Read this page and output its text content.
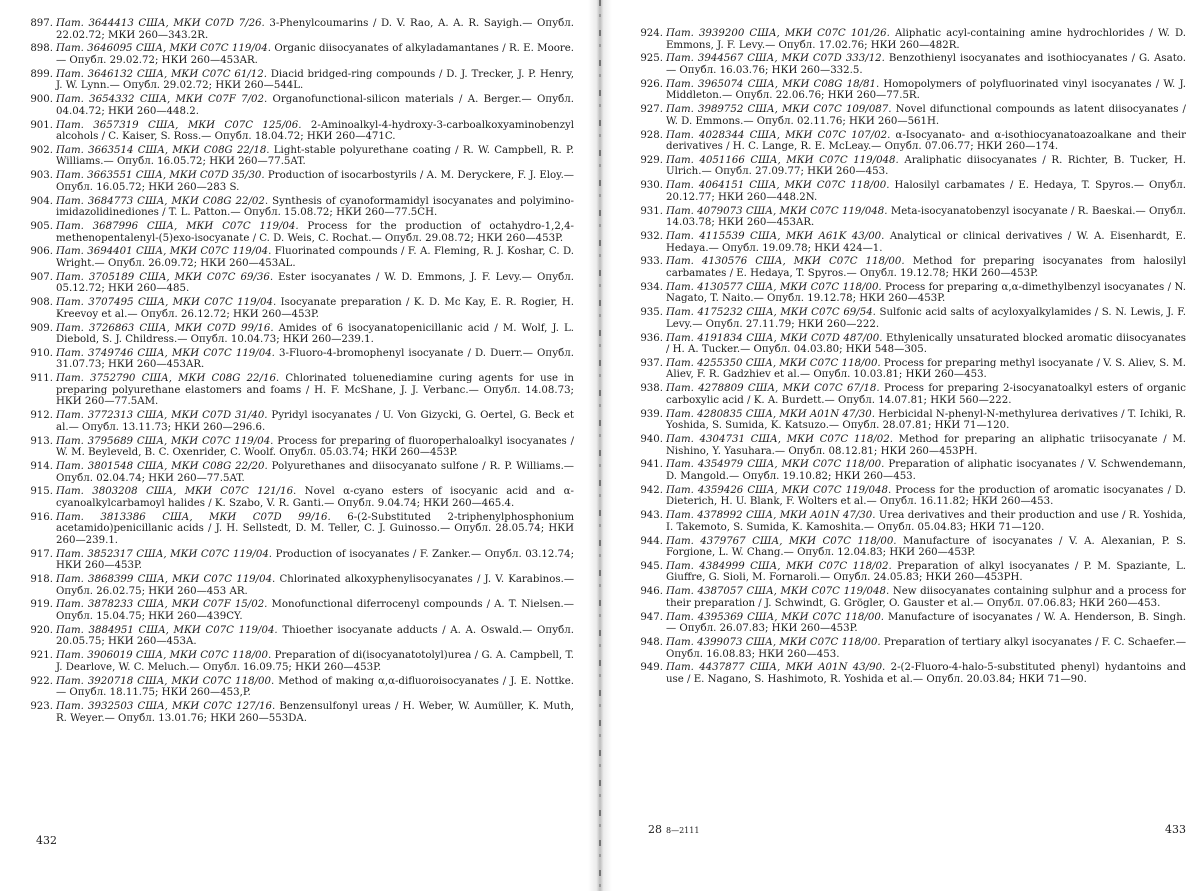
897. Пат. 3644413 США, МКИ C07D 7/26. 3-Phenylcoumarins / D. V. Rao, A. A. R. Sayigh.— Опубл. 22.02.72; МКИ 260—343.2R.
898. Пат. 3646095 США, МКИ C07C 119/04. Organic diisocyanates of alkyladamantanes / R. E. Moore.— Опубл. 29.02.72; НКИ 260—453AR.
899. Пат. 3646132 США, МКИ C07C 61/12. Diacid bridged-ring compounds / D. J. Trecker, J. P. Henry, J. W. Lynn.— Опубл. 29.02.72; НКИ 260—544L.
900. Пат. 3654332 США, МКИ C07F 7/02. Organofunctional-silicon materials / A. Berger.— Опубл. 04.04.72; НКИ 260—448.2.
901. Пат. 3657319 США, МКИ C07C 125/06. 2-Aminoalkyl-4-hydroxy-3-carboalkoxyaminobenzyl alcohols / C. Kaiser, S. Ross.— Опубл. 18.04.72; НКИ 260—471C.
902. Пат. 3663514 США, МКИ C08G 22/18. Light-stable polyurethane coating / R. W. Campbell, R. P. Williams.— Опубл. 16.05.72; НКИ 260—77.5AT.
903. Пат. 3663551 США, МКИ C07D 35/30. Production of isocarbostyrils / A. M. Deryckere, F. J. Eloy.— Опубл. 16.05.72; НКИ 260—283 S.
904. Пат. 3684773 США, МКИ C08G 22/02. Synthesis of cyanoformamidyl isocyanates and polyimino-imidazolidinediones / T. L. Patton.— Опубл. 15.08.72; НКИ 260—77.5CH.
905. Пат. 3687996 США, МКИ C07C 119/04. Process for the production of octahydro-1,2,4-methenopentalenyl-(5)exo-isocyanate / C. D. Weis, C. Rochat.— Опубл. 29.08.72; НКИ 260—453P.
906. Пат. 3694401 США, МКИ C07C 119/04. Fluorinated compounds / F. A. Fleming, R. J. Koshar, C. D. Wright.— Опубл. 26.09.72; НКИ 260—453AL.
907. Пат. 3705189 США, МКИ C07C 69/36. Ester isocyanates / W. D. Emmons, J. F. Levy.— Опубл. 05.12.72; НКИ 260—485.
908. Пат. 3707495 США, МКИ C07C 119/04. Isocyanate preparation / K. D. Mc Kay, E. R. Rogier, H. Kreevoy et al.— Опубл. 26.12.72; НКИ 260—453P.
909. Пат. 3726863 США, МКИ C07D 99/16. Amides of 6 isocyanatopenicillanic acid / M. Wolf, J. L. Diebold, S. J. Childress.— Опубл. 10.04.73; НКИ 260—239.1.
910. Пат. 3749746 США, МКИ C07C 119/04. 3-Fluoro-4-bromophenyl isocyanate / D. Duerr.— Опубл. 31.07.73; НКИ 260—453AR.
911. Пат. 3752790 США, МКИ C08G 22/16. Chlorinated toluenediamine curing agents for use in preparing polyurethane elastomers and foams / H. F. McShane, J. J. Verbanc.— Опубл. 14.08.73; НКИ 260—77.5AM.
912. Пат. 3772313 США, МКИ C07D 31/40. Pyridyl isocyanates / U. Von Gizycki, G. Oertel, G. Beck et al.— Опубл. 13.11.73; НКИ 260—296.6.
913. Пат. 3795689 США, МКИ C07C 119/04. Process for preparing of fluoroperhaloalkyl isocyanates / W. M. Beyleveld, B. C. Oxenrider, C. Woolf. Опубл. 05.03.74; НКИ 260—453P.
914. Пат. 3801548 США, МКИ C08G 22/20. Polyurethanes and diisocyanato sulfone / R. P. Williams.— Опубл. 02.04.74; НКИ 260—77.5AT.
915. Пат. 3803208 США, МКИ C07C 121/16. Novel α-cyano esters of isocyanic acid and α-cyanoalkylcarbamoyl halides / K. Szabo, V. R. Ganti.— Опубл. 9.04.74; НКИ 260—465.4.
916. Пат. 3813386 США, МКИ C07D 99/16. 6-(2-Substituted 2-triphenylphosphonium acetamido)penicillanic acids / J. H. Sellstedt, D. M. Teller, C. J. Guinosso.— Опубл. 28.05.74; НКИ 260—239.1.
917. Пат. 3852317 США, МКИ C07C 119/04. Production of isocyanates / F. Zanker.— Опубл. 03.12.74; НКИ 260—453P.
918. Пат. 3868399 США, МКИ C07C 119/04. Chlorinated alkoxyphenylisocyanates / J. V. Karabinos.— Опубл. 26.02.75; НКИ 260—453 AR.
919. Пат. 3878233 США, МКИ C07F 15/02. Monofunctional diferrocenyl compounds / A. T. Nielsen.— Опубл. 15.04.75; НКИ 260—439CY.
920. Пат. 3884951 США, МКИ C07C 119/04. Thioether isocyanate adducts / A. A. Oswald.— Опубл. 20.05.75; НКИ 260—453A.
921. Пат. 3906019 США, МКИ C07C 118/00. Preparation of di(isocyanatotolyl)urea / G. A. Campbell, T. J. Dearlove, W. C. Meluch.— Опубл. 16.09.75; НКИ 260—453P.
922. Пат. 3920718 США, МКИ C07C 118/00. Method of making α,α-difluoroisocyanates / J. E. Nottke.— Опубл. 18.11.75; НКИ 260—453,P.
923. Пат. 3932503 США, МКИ C07C 127/16. Benzensulfonyl ureas / H. Weber, W. Aumüller, K. Muth, R. Weyer.— Опубл. 13.01.76; НКИ 260—553DA.
432
924. Пат. 3939200 США, МКИ C07C 101/26. Aliphatic acyl-containing amine hydrochlorides / W. D. Emmons, J. F. Levy.— Опубл. 17.02.76; НКИ 260—482R.
925. Пат. 3944567 США, МКИ C07D 333/12. Benzothienyl isocyanates and isothiocyanates / G. Asato.— Опубл. 16.03.76; НКИ 260—332.5.
926. Пат. 3965074 США, МКИ C08G 18/81. Homopolymers of polyfluorinated vinyl isocyanates / W. J. Middleton.— Опубл. 22.06.76; НКИ 260—77.5R.
927. Пат. 3989752 США, МКИ C07C 109/087. Novel difunctional compounds as latent diisocyanates / W. D. Emmons.— Опубл. 02.11.76; НКИ 260—561H.
928. Пат. 4028344 США, МКИ C07C 107/02. α-Isocyanato- and α-isothiocyanatoazoalkane and their derivatives / H. C. Lange, R. E. McLeay.— Опубл. 07.06.77; НКИ 260—174.
929. Пат. 4051166 США, МКИ C07C 119/048. Araliphatic diisocyanates / R. Richter, B. Tucker, H. Ulrich.— Опубл. 27.09.77; НКИ 260—453.
930. Пат. 4064151 США, МКИ C07C 118/00. Halosilyl carbamates / E. Hedaya, T. Spyros.— Опубл. 20.12.77; НКИ 260—448.2N.
931. Пат. 4079073 США, МКИ C07C 119/048. Meta-isocyanatobenzyl isocyanate / R. Baeskai.— Опубл. 14.03.78; НКИ 260—453AR.
932. Пат. 4115539 США, МКИ A61K 43/00. Analytical or clinical derivatives / W. A. Eisenhardt, E. Hedaya.— Опубл. 19.09.78; НКИ 424—1.
933. Пат. 4130576 США, МКИ C07C 118/00. Method for preparing isocyanates from halosilyl carbamates / E. Hedaya, T. Spyros.— Опубл. 19.12.78; НКИ 260—453P.
934. Пат. 4130577 США, МКИ C07C 118/00. Process for preparing α,α-dimethylbenzyl isocyanates / N. Nagato, T. Naito.— Опубл. 19.12.78; НКИ 260—453P.
935. Пат. 4175232 США, МКИ C07C 69/54. Sulfonic acid salts of acyloxyalkylamides / S. N. Lewis, J. F. Levy.— Опубл. 27.11.79; НКИ 260—222.
936. Пат. 4191834 США, МКИ C07D 487/00. Ethylenically unsaturated blocked aromatic diisocyanates / H. A. Tucker.— Опубл. 04.03.80; НКИ 548—305.
937. Пат. 4255350 США, МКИ C07C 118/00. Process for preparing methyl isocyanate / V. S. Aliev, S. M. Aliev, F. R. Gadzhiev et al.— Опубл. 10.03.81; НКИ 260—453.
938. Пат. 4278809 США, МКИ C07C 67/18. Process for preparing 2-isocyanatoalkyl esters of organic carboxylic acid / K. A. Burdett.— Опубл. 14.07.81; НКИ 560—222.
939. Пат. 4280835 США, МКИ A01N 47/30. Herbicidal N-phenyl-N-methylurea derivatives / T. Ichiki, R. Yoshida, S. Sumida, K. Katsuzo.— Опубл. 28.07.81; НКИ 71—120.
940. Пат. 4304731 США, МКИ C07C 118/02. Method for preparing an aliphatic triisocyanate / M. Nishino, Y. Yasuhara.— Опубл. 08.12.81; НКИ 260—453PH.
941. Пат. 4354979 США, МКИ C07C 118/00. Preparation of aliphatic isocyanates / V. Schwendemann, D. Mangold.— Опубл. 19.10.82; НКИ 260—453.
942. Пат. 4359426 США, МКИ C07C 119/048. Process for the production of aromatic isocyanates / D. Dieterich, H. U. Blank, F. Wolters et al.— Опубл. 16.11.82; НКИ 260—453.
943. Пат. 4378992 США, МКИ A01N 47/30. Urea derivatives and their production and use / R. Yoshida, I. Takemoto, S. Sumida, K. Kamoshita.— Опубл. 05.04.83; НКИ 71—120.
944. Пат. 4379767 США, МКИ C07C 118/00. Manufacture of isocyanates / V. A. Alexanian, P. S. Forgione, L. W. Chang.— Опубл. 12.04.83; НКИ 260—453P.
945. Пат. 4384999 США, МКИ C07C 118/02. Preparation of alkyl isocyanates / P. M. Spaziante, L. Giuffre, G. Sioli, M. Fornaroli.— Опубл. 24.05.83; НКИ 260—453PH.
946. Пат. 4387057 США, МКИ C07C 119/048. New diisocyanates containing sulphur and a process for their preparation / J. Schwindt, G. Grögler, O. Gauster et al.— Опубл. 07.06.83; НКИ 260—453.
947. Пат. 4395369 США, МКИ C07C 118/00. Manufacture of isocyanates / W. A. Henderson, B. Singh.— Опубл. 26.07.83; НКИ 260—453P.
948. Пат. 4399073 США, МКИ C07C 118/00. Preparation of tertiary alkyl isocyanates / F. C. Schaefer.— Опубл. 16.08.83; НКИ 260—453.
949. Пат. 4437877 США, МКИ A01N 43/90. 2-(2-Fluoro-4-halo-5-substituted phenyl) hydantoins and use / E. Nagano, S. Hashimoto, R. Yoshida et al.— Опубл. 20.03.84; НКИ 71—90.
28 8—2111	433
